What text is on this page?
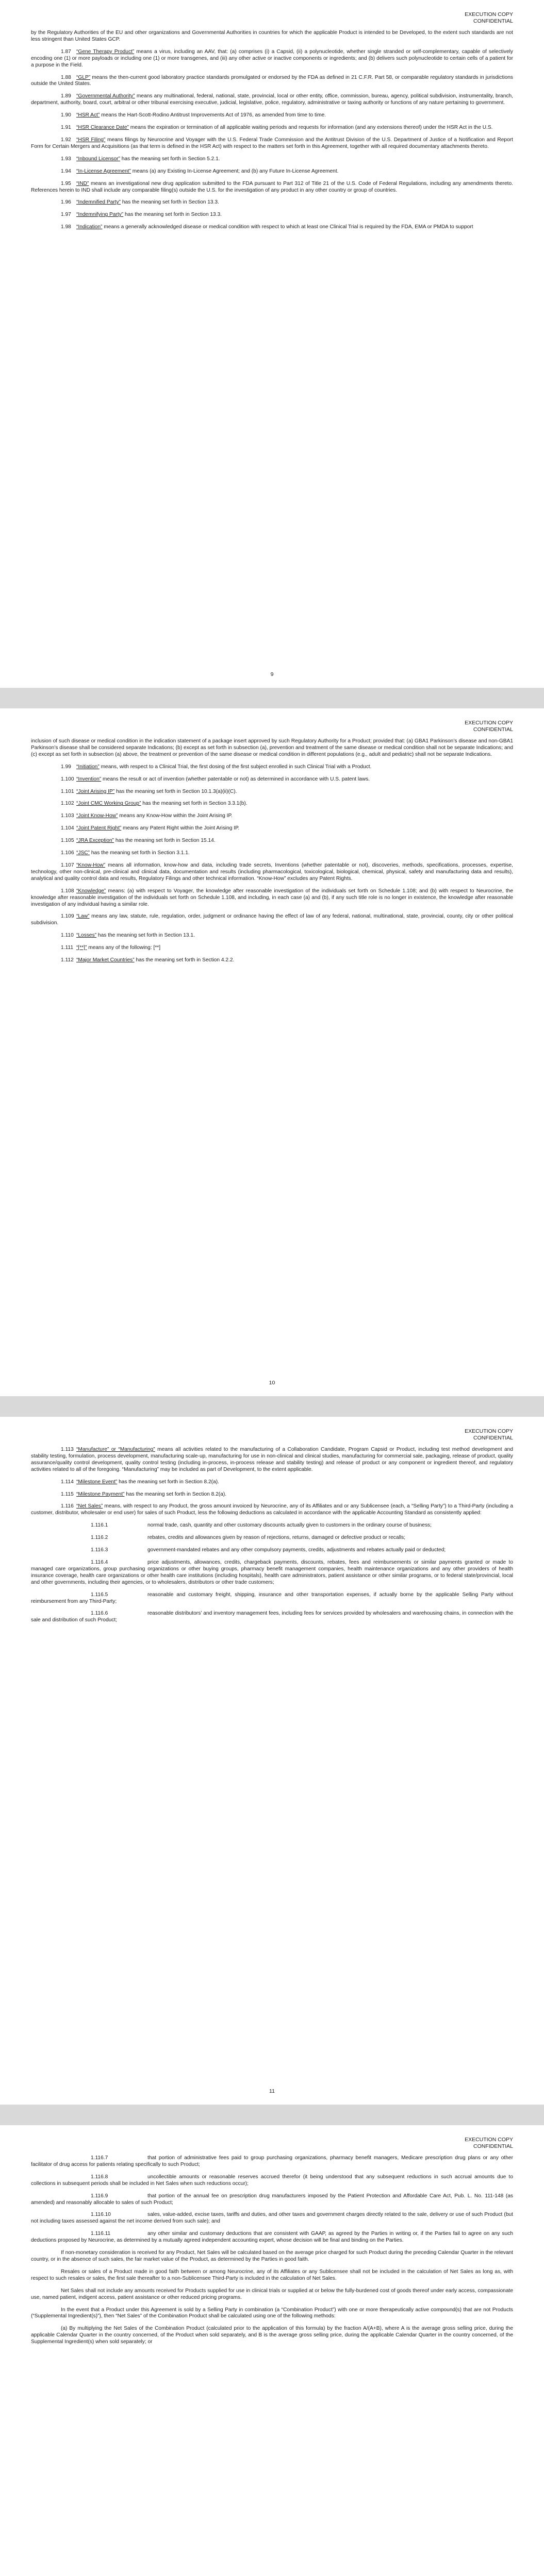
EXECUTION COPY
CONFIDENTIAL

by the Regulatory Authorities of the EU and other organizations and Governmental Authorities in countries for which the applicable Product is intended to be Developed, to the extent such standards are not less stringent than United States GCP.

1.87 “Gene Therapy Product” means a virus, including an AAV, that: (a) comprises (i) a Capsid, (ii) a polynucleotide, whether single stranded or self-complementary, capable of selectively encoding one (1) or more payloads or including one (1) or more transgenes, and (iii) any other active or inactive components or ingredients; and (b) delivers such polynucleotide to certain cells of a patient for a purpose in the Field.

1.88 “GLP” means the then-current good laboratory practice standards promulgated or endorsed by the FDA as defined in 21 C.F.R. Part 58, or comparable regulatory standards in jurisdictions outside the United States.

1.89 “Governmental Authority” means any multinational, federal, national, state, provincial, local or other entity, office, commission, bureau, agency, political subdivision, instrumentality, branch, department, authority, board, court, arbitral or other tribunal exercising executive, judicial, legislative, police, regulatory, administrative or taxing authority or functions of any nature pertaining to government.

1.90 “HSR Act” means the Hart-Scott-Rodino Antitrust Improvements Act of 1976, as amended from time to time.

1.91 “HSR Clearance Date” means the expiration or termination of all applicable waiting periods and requests for information (and any extensions thereof) under the HSR Act in the U.S.

1.92 “HSR Filing” means filings by Neurocrine and Voyager with the U.S. Federal Trade Commission and the Antitrust Division of the U.S. Department of Justice of a Notification and Report Form for Certain Mergers and Acquisitions (as that term is defined in the HSR Act) with respect to the matters set forth in this Agreement, together with all required documentary attachments thereto.

1.93 “Inbound Licensor” has the meaning set forth in Section 5.2.1.

1.94 “In-License Agreement” means (a) any Existing In-License Agreement; and (b) any Future In-License Agreement.

1.95 “IND” means an investigational new drug application submitted to the FDA pursuant to Part 312 of Title 21 of the U.S. Code of Federal Regulations, including any amendments thereto. References herein to IND shall include any comparable filing(s) outside the U.S. for the investigation of any product in any other country or group of countries.

1.96 “Indemnified Party” has the meaning set forth in Section 13.3.

1.97 “Indemnifying Party” has the meaning set forth in Section 13.3.

1.98 “Indication” means a generally acknowledged disease or medical condition with respect to which at least one Clinical Trial is required by the FDA, EMA or PMDA to support

9
EXECUTION COPY
CONFIDENTIAL

inclusion of such disease or medical condition in the indication statement of a package insert approved by such Regulatory Authority for a Product; provided that: (a) GBA1 Parkinson’s disease and non-GBA1 Parkinson’s disease shall be considered separate Indications; (b) except as set forth in subsection (a), prevention and treatment of the same disease or medical condition shall not be separate Indications; and (c) except as set forth in subsection (a) above, the treatment or prevention of the same disease or medical condition in different populations (e.g., adult and pediatric) shall not be separate Indications.

1.99 “Initiation” means, with respect to a Clinical Trial, the first dosing of the first subject enrolled in such Clinical Trial with a Product.

1.100 “Invention” means the result or act of invention (whether patentable or not) as determined in accordance with U.S. patent laws.

1.101 “Joint Arising IP” has the meaning set forth in Section 10.1.3(a)(ii)(C).

1.102 “Joint CMC Working Group” has the meaning set forth in Section 3.3.1(b).

1.103 “Joint Know-How” means any Know-How within the Joint Arising IP.

1.104 “Joint Patent Right” means any Patent Right within the Joint Arising IP.

1.105 “JRA Exception” has the meaning set forth in Section 15.14.

1.106 “JSC” has the meaning set forth in Section 3.1.1.

1.107 “Know-How” means all information, know-how and data, including trade secrets, Inventions (whether patentable or not), discoveries, methods, specifications, processes, expertise, technology, other non-clinical, pre-clinical and clinical data, documentation and results (including pharmacological, toxicological, biological, chemical, physical, safety and manufacturing data and results), analytical and quality control data and results, Regulatory Filings and other technical information. “Know-How” excludes any Patent Rights.

1.108 “Knowledge” means: (a) with respect to Voyager, the knowledge after reasonable investigation of the individuals set forth on Schedule 1.108; and (b) with respect to Neurocrine, the knowledge after reasonable investigation of the individuals set forth on Schedule 1.108, and including, in each case (a) and (b), if any such title role is no longer in existence, the knowledge after reasonable investigation of any individual having a similar role.

1.109 “Law” means any law, statute, rule, regulation, order, judgment or ordinance having the effect of law of any federal, national, multinational, state, provincial, county, city or other political subdivision.

1.110 “Losses” has the meaning set forth in Section 13.1.

1.111 “[**]” means any of the following: [**]

1.112 “Major Market Countries” has the meaning set forth in Section 4.2.2.

10
EXECUTION COPY
CONFIDENTIAL

1.113 “Manufacture” or “Manufacturing” means all activities related to the manufacturing of a Collaboration Candidate, Program Capsid or Product, including test method development and stability testing, formulation, process development, manufacturing scale-up, manufacturing for use in non-clinical and clinical studies, manufacturing for commercial sale, packaging, release of product, quality assurance/quality control development, quality control testing (including in-process, in-process release and stability testing) and release of product or any component or ingredient thereof, and regulatory activities related to all of the foregoing. “Manufacturing” may be included as part of Development, to the extent applicable.

1.114 “Milestone Event” has the meaning set forth in Section 8.2(a).

1.115 “Milestone Payment” has the meaning set forth in Section 8.2(a).

1.116 “Net Sales” means, with respect to any Product, the gross amount invoiced by Neurocrine, any of its Affiliates and or any Sublicensee (each, a “Selling Party”) to a Third-Party (including a customer, distributor, wholesaler or end user) for sales of such Product, less the following deductions as calculated in accordance with the applicable Accounting Standard as consistently applied:

1.116.1	normal trade, cash, quantity and other customary discounts actually given to customers in the ordinary course of business;

1.116.2	rebates, credits and allowances given by reason of rejections, returns, damaged or defective product or recalls;

1.116.3	government-mandated rebates and any other compulsory payments, credits, adjustments and rebates actually paid or deducted;

1.116.4	price adjustments, allowances, credits, chargeback payments, discounts, rebates, fees and reimbursements or similar payments granted or made to managed care organizations, group purchasing organizations or other buying groups, pharmacy benefit management companies, health maintenance organizations and any other providers of health insurance coverage, health care organizations or other health care institutions (including hospitals), health care administrators, patient assistance or other similar programs, or to federal state/provincial, local and other governments, including their agencies, or to wholesalers, distributors or other trade customers;

1.116.5	reasonable and customary freight, shipping, insurance and other transportation expenses, if actually borne by the applicable Selling Party without reimbursement from any Third-Party;

1.116.6	reasonable distributors’ and inventory management fees, including fees for services provided by wholesalers and warehousing chains, in connection with the sale and distribution of such Product;

11
EXECUTION COPY
CONFIDENTIAL

1.116.7	that portion of administrative fees paid to group purchasing organizations, pharmacy benefit managers, Medicare prescription drug plans or any other facilitator of drug access for patients relating specifically to such Product;

1.116.8	uncollectible amounts or reasonable reserves accrued therefor (it being understood that any subsequent reductions in such accrual amounts due to collections in subsequent periods shall be included in Net Sales when such reductions occur);

1.116.9	that portion of the annual fee on prescription drug manufacturers imposed by the Patient Protection and Affordable Care Act, Pub. L. No. 111-148 (as amended) and reasonably allocable to sales of such Product;

1.116.10	sales, value-added, excise taxes, tariffs and duties, and other taxes and government charges directly related to the sale, delivery or use of such Product (but not including taxes assessed against the net income derived from such sale); and

1.116.11	any other similar and customary deductions that are consistent with GAAP, as agreed by the Parties in writing or, if the Parties fail to agree on any such deductions proposed by Neurocrine, as determined by a mutually agreed independent accounting expert, whose decision will be final and binding on the Parties.

If non-monetary consideration is received for any Product, Net Sales will be calculated based on the average price charged for such Product during the preceding Calendar Quarter in the relevant country, or in the absence of such sales, the fair market value of the Product, as determined by the Parties in good faith.

Resales or sales of a Product made in good faith between or among Neurocrine, any of its Affiliates or any Sublicensee shall not be included in the calculation of Net Sales as long as, with respect to such resales or sales, the first sale thereafter to a non-Sublicensee Third-Party is included in the calculation of Net Sales.

Net Sales shall not include any amounts received for Products supplied for use in clinical trials or supplied at or below the fully-burdened cost of goods thereof under early access, compassionate use, named patient, indigent access, patient assistance or other reduced pricing programs.

In the event that a Product under this Agreement is sold by a Selling Party in combination (a “Combination Product”) with one or more therapeutically active compound(s) that are not Products (“Supplemental Ingredient(s)”), then “Net Sales” of the Combination Product shall be calculated using one of the following methods:

(a) By multiplying the Net Sales of the Combination Product (calculated prior to the application of this formula) by the fraction A/(A+B), where A is the average gross selling price, during the applicable Calendar Quarter in the country concerned, of the Product when sold separately, and B is the average gross selling price, during the applicable Calendar Quarter in the country concerned, of the Supplemental Ingredient(s) when sold separately; or
